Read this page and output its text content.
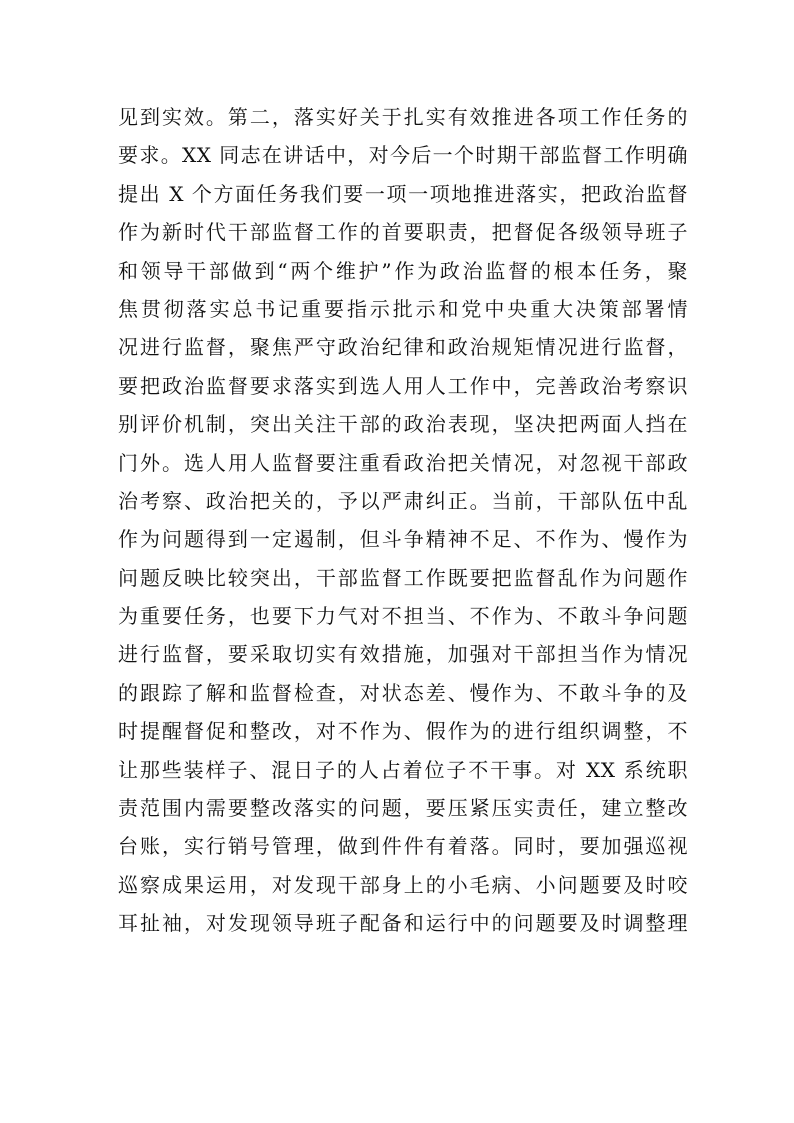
见到实效。第二，落实好关于扎实有效推进各项工作任务的
要求。XX 同志在讲话中，对今后一个时期干部监督工作明确
提出 X 个方面任务我们要一项一项地推进落实，把政治监督
作为新时代干部监督工作的首要职责，把督促各级领导班子
和领导干部做到“两个维护”作为政治监督的根本任务，聚
焦贯彻落实总书记重要指示批示和党中央重大决策部署情
况进行监督，聚焦严守政治纪律和政治规矩情况进行监督，
要把政治监督要求落实到选人用人工作中，完善政治考察识
别评价机制，突出关注干部的政治表现，坚决把两面人挡在
门外。选人用人监督要注重看政治把关情况，对忽视干部政
治考察、政治把关的，予以严肃纠正。当前，干部队伍中乱
作为问题得到一定遏制，但斗争精神不足、不作为、慢作为
问题反映比较突出，干部监督工作既要把监督乱作为问题作
为重要任务，也要下力气对不担当、不作为、不敢斗争问题
进行监督，要采取切实有效措施，加强对干部担当作为情况
的跟踪了解和监督检查，对状态差、慢作为、不敢斗争的及
时提醒督促和整改，对不作为、假作为的进行组织调整，不
让那些装样子、混日子的人占着位子不干事。对 XX 系统职
责范围内需要整改落实的问题，要压紧压实责任，建立整改
台账，实行销号管理，做到件件有着落。同时，要加强巡视
巡察成果运用，对发现干部身上的小毛病、小问题要及时咬
耳扯袖，对发现领导班子配备和运行中的问题要及时调整理
